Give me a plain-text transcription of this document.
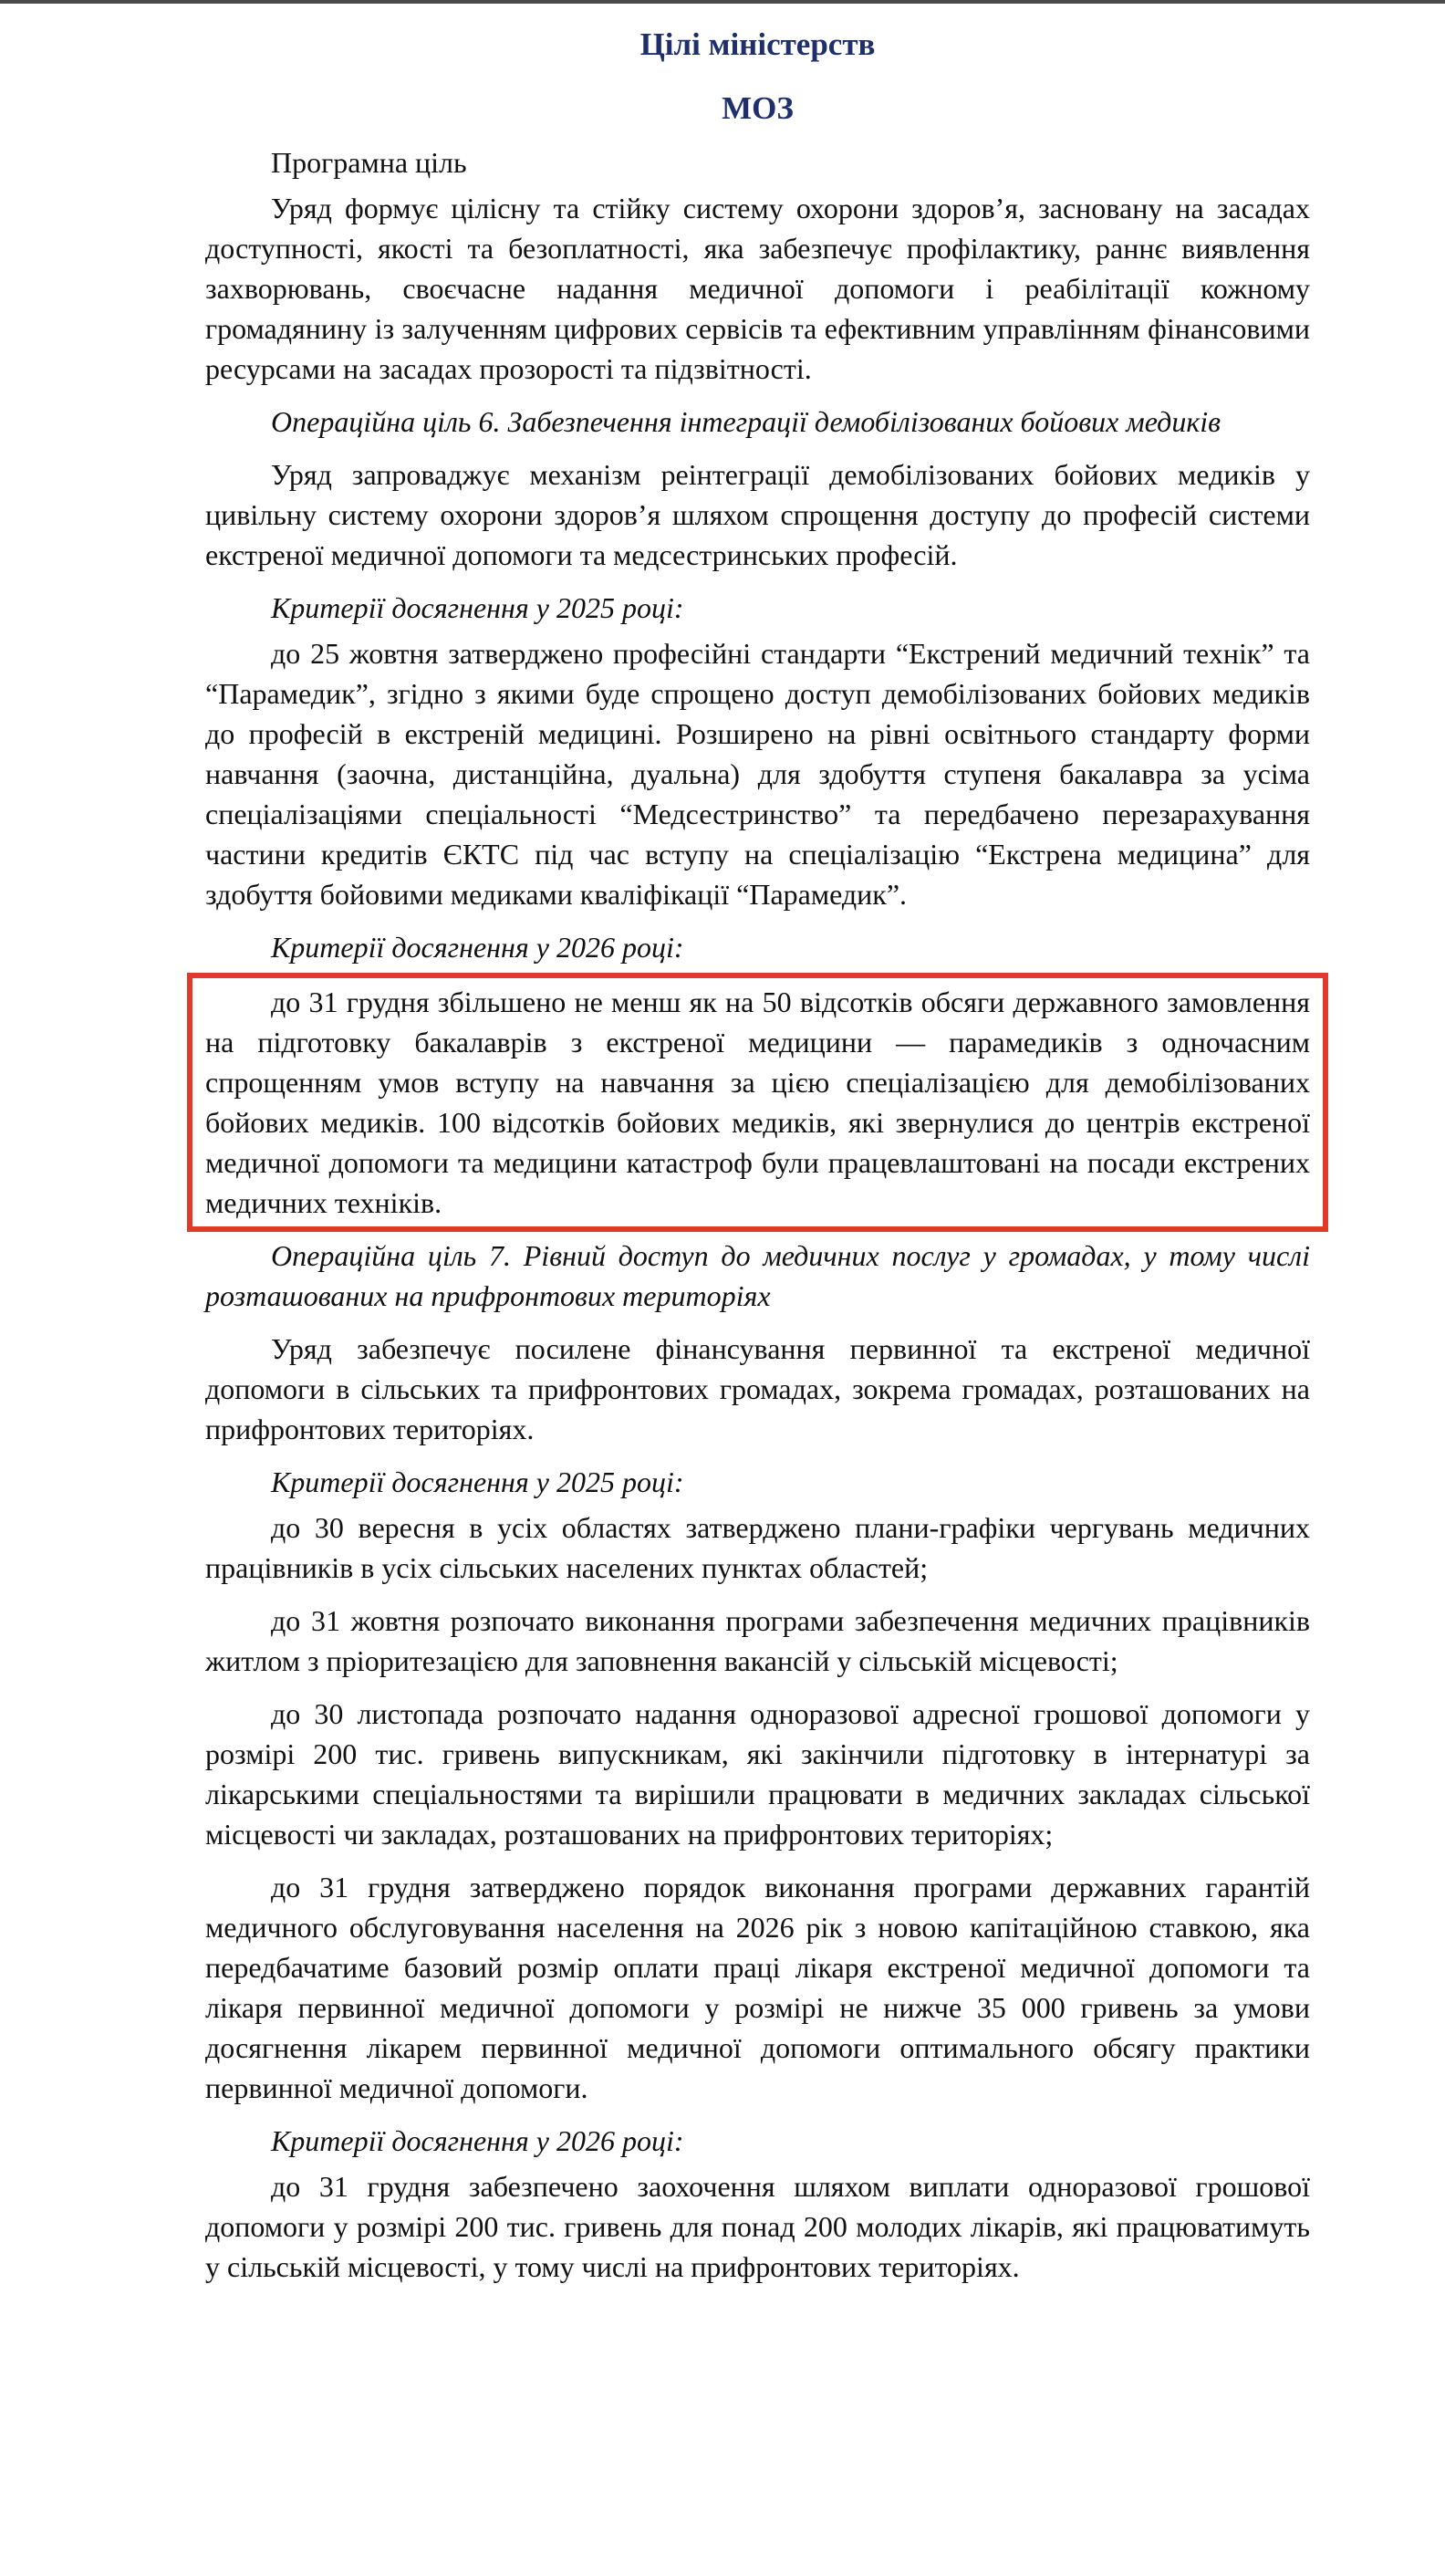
Цілі міністерств
МОЗ

Програмна ціль

Уряд формує цілісну та стійку систему охорони здоров’я, засновану на засадах доступності, якості та безоплатності, яка забезпечує профілактику, раннє виявлення захворювань, своєчасне надання медичної допомоги і реабілітації кожному громадянину із залученням цифрових сервісів та ефективним управлінням фінансовими ресурсами на засадах прозорості та підзвітності.

Операційна ціль 6. Забезпечення інтеграції демобілізованих бойових медиків

Уряд запроваджує механізм реінтеграції демобілізованих бойових медиків у цивільну систему охорони здоров’я шляхом спрощення доступу до професій системи екстреної медичної допомоги та медсестринських професій.

Критерії досягнення у 2025 році:

до 25 жовтня затверджено професійні стандарти “Екстрений медичний технік” та “Парамедик”, згідно з якими буде спрощено доступ демобілізованих бойових медиків до професій в екстреній медицині. Розширено на рівні освітнього стандарту форми навчання (заочна, дистанційна, дуальна) для здобуття ступеня бакалавра за усіма спеціалізаціями спеціальності “Медсестринство” та передбачено перезарахування частини кредитів ЄКТС під час вступу на спеціалізацію “Екстрена медицина” для здобуття бойовими медиками кваліфікації “Парамедик”.

Критерії досягнення у 2026 році:

до 31 грудня збільшено не менш як на 50 відсотків обсяги державного замовлення на підготовку бакалаврів з екстреної медицини — парамедиків з одночасним спрощенням умов вступу на навчання за цією спеціалізацією для демобілізованих бойових медиків. 100 відсотків бойових медиків, які звернулися до центрів екстреної медичної допомоги та медицини катастроф були працевлаштовані на посади екстрених медичних техніків.

Операційна ціль 7. Рівний доступ до медичних послуг у громадах, у тому числі розташованих на прифронтових територіях

Уряд забезпечує посилене фінансування первинної та екстреної медичної допомоги в сільських та прифронтових громадах, зокрема громадах, розташованих на прифронтових територіях.

Критерії досягнення у 2025 році:

до 30 вересня в усіх областях затверджено плани-графіки чергувань медичних працівників в усіх сільських населених пунктах областей;

до 31 жовтня розпочато виконання програми забезпечення медичних працівників житлом з пріоритезацією для заповнення вакансій у сільській місцевості;

до 30 листопада розпочато надання одноразової адресної грошової допомоги у розмірі 200 тис. гривень випускникам, які закінчили підготовку в інтернатурі за лікарськими спеціальностями та вирішили працювати в медичних закладах сільської місцевості чи закладах, розташованих на прифронтових територіях;

до 31 грудня затверджено порядок виконання програми державних гарантій медичного обслуговування населення на 2026 рік з новою капітаційною ставкою, яка передбачатиме базовий розмір оплати праці лікаря екстреної медичної допомоги та лікаря первинної медичної допомоги у розмірі не нижче 35 000 гривень за умови досягнення лікарем первинної медичної допомоги оптимального обсягу практики первинної медичної допомоги.

Критерії досягнення у 2026 році:

до 31 грудня забезпечено заохочення шляхом виплати одноразової грошової допомоги у розмірі 200 тис. гривень для понад 200 молодих лікарів, які працюватимуть у сільській місцевості, у тому числі на прифронтових територіях.
